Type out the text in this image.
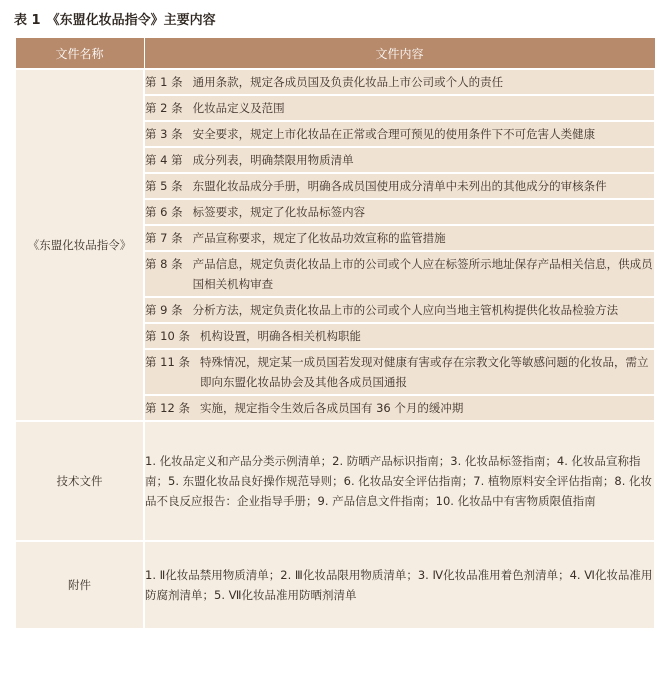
表 1 《东盟化妆品指令》主要内容
文件名称	文件内容
《东盟化妆品指令》	第 1 条 通用条款，规定各成员国及负责化妆品上市公司或个人的责任

	第 2 条 化妆品定义及范围

	第 3 条 安全要求，规定上市化妆品在正常或合理可预见的使用条件下不可危害人类健康

	第 4 第 成分列表，明确禁限用物质清单

	第 5 条 东盟化妆品成分手册，明确各成员国使用成分清单中未列出的其他成分的审核条件

	第 6 条 标签要求，规定了化妆品标签内容

	第 7 条 产品宣称要求，规定了化妆品功效宣称的监管措施

	第 8 条 产品信息，规定负责化妆品上市的公司或个人应在标签所示地址保存产品相关信息，供成员国相关机构审查

	第 9 条 分析方法，规定负责化妆品上市的公司或个人应向当地主管机构提供化妆品检验方法

	第 10 条 机构设置，明确各相关机构职能

	第 11 条 特殊情况，规定某一成员国若发现对健康有害或存在宗教文化等敏感问题的化妆品，需立即向东盟化妆品协会及其他各成员国通报

	第 12 条 实施，规定指令生效后各成员国有 36 个月的缓冲期

技术文件	1. 化妆品定义和产品分类示例清单；2. 防晒产品标识指南；3. 化妆品标签指南；4. 化妆品宣称指南；5. 东盟化妆品良好操作规范导则；6. 化妆品安全评估指南；7. 植物原料安全评估指南；8. 化妆品不良反应报告：企业指导手册；9. 产品信息文件指南；10. 化妆品中有害物质限值指南
附件	1. Ⅱ化妆品禁用物质清单；2. Ⅲ化妆品限用物质清单；3. Ⅳ化妆品准用着色剂清单；4. Ⅵ化妆品准用防腐剂清单；5. Ⅶ化妆品准用防晒剂清单
